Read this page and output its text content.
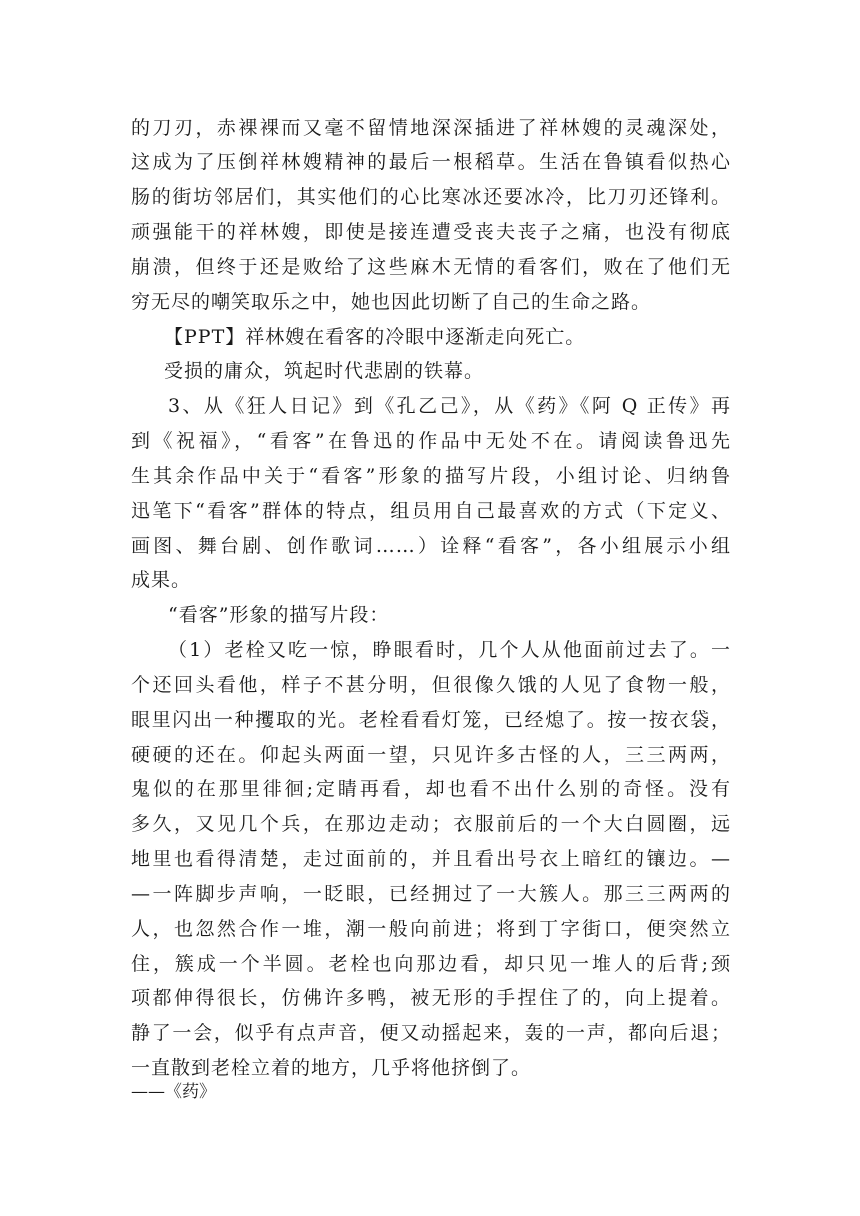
的刀刃，赤裸裸而又毫不留情地深深插进了祥林嫂的灵魂深处，
这成为了压倒祥林嫂精神的最后一根稻草。生活在鲁镇看似热心
肠的街坊邻居们，其实他们的心比寒冰还要冰冷，比刀刃还锋利。
顽强能干的祥林嫂，即使是接连遭受丧夫丧子之痛，也没有彻底
崩溃，但终于还是败给了这些麻木无情的看客们，败在了他们无
穷无尽的嘲笑取乐之中，她也因此切断了自己的生命之路。
【PPT】祥林嫂在看客的冷眼中逐渐走向死亡。
受损的庸众，筑起时代悲剧的铁幕。
3、从《狂人日记》到《孔乙己》，从《药》《阿 Q 正传》再
到《祝福》，“看客”在鲁迅的作品中无处不在。请阅读鲁迅先
生其余作品中关于“看客”形象的描写片段，小组讨论、归纳鲁
迅笔下“看客”群体的特点，组员用自己最喜欢的方式（下定义、
画图、舞台剧、创作歌词……）诠释“看客”，各小组展示小组
成果。
“看客”形象的描写片段：
（1）老栓又吃一惊，睁眼看时，几个人从他面前过去了。一
个还回头看他，样子不甚分明，但很像久饿的人见了食物一般，
眼里闪出一种攫取的光。老栓看看灯笼，已经熄了。按一按衣袋，
硬硬的还在。仰起头两面一望，只见许多古怪的人，三三两两，
鬼似的在那里徘徊;定睛再看，却也看不出什么别的奇怪。没有
多久，又见几个兵，在那边走动；衣服前后的一个大白圆圈，远
地里也看得清楚，走过面前的，并且看出号衣上暗红的镶边。—
—一阵脚步声响，一眨眼，已经拥过了一大簇人。那三三两两的
人，也忽然合作一堆，潮一般向前进；将到丁字街口，便突然立
住，簇成一个半圆。老栓也向那边看，却只见一堆人的后背;颈
项都伸得很长，仿佛许多鸭，被无形的手捏住了的，向上提着。
静了一会，似乎有点声音，便又动摇起来，轰的一声，都向后退；
一直散到老栓立着的地方，几乎将他挤倒了。
——《药》
